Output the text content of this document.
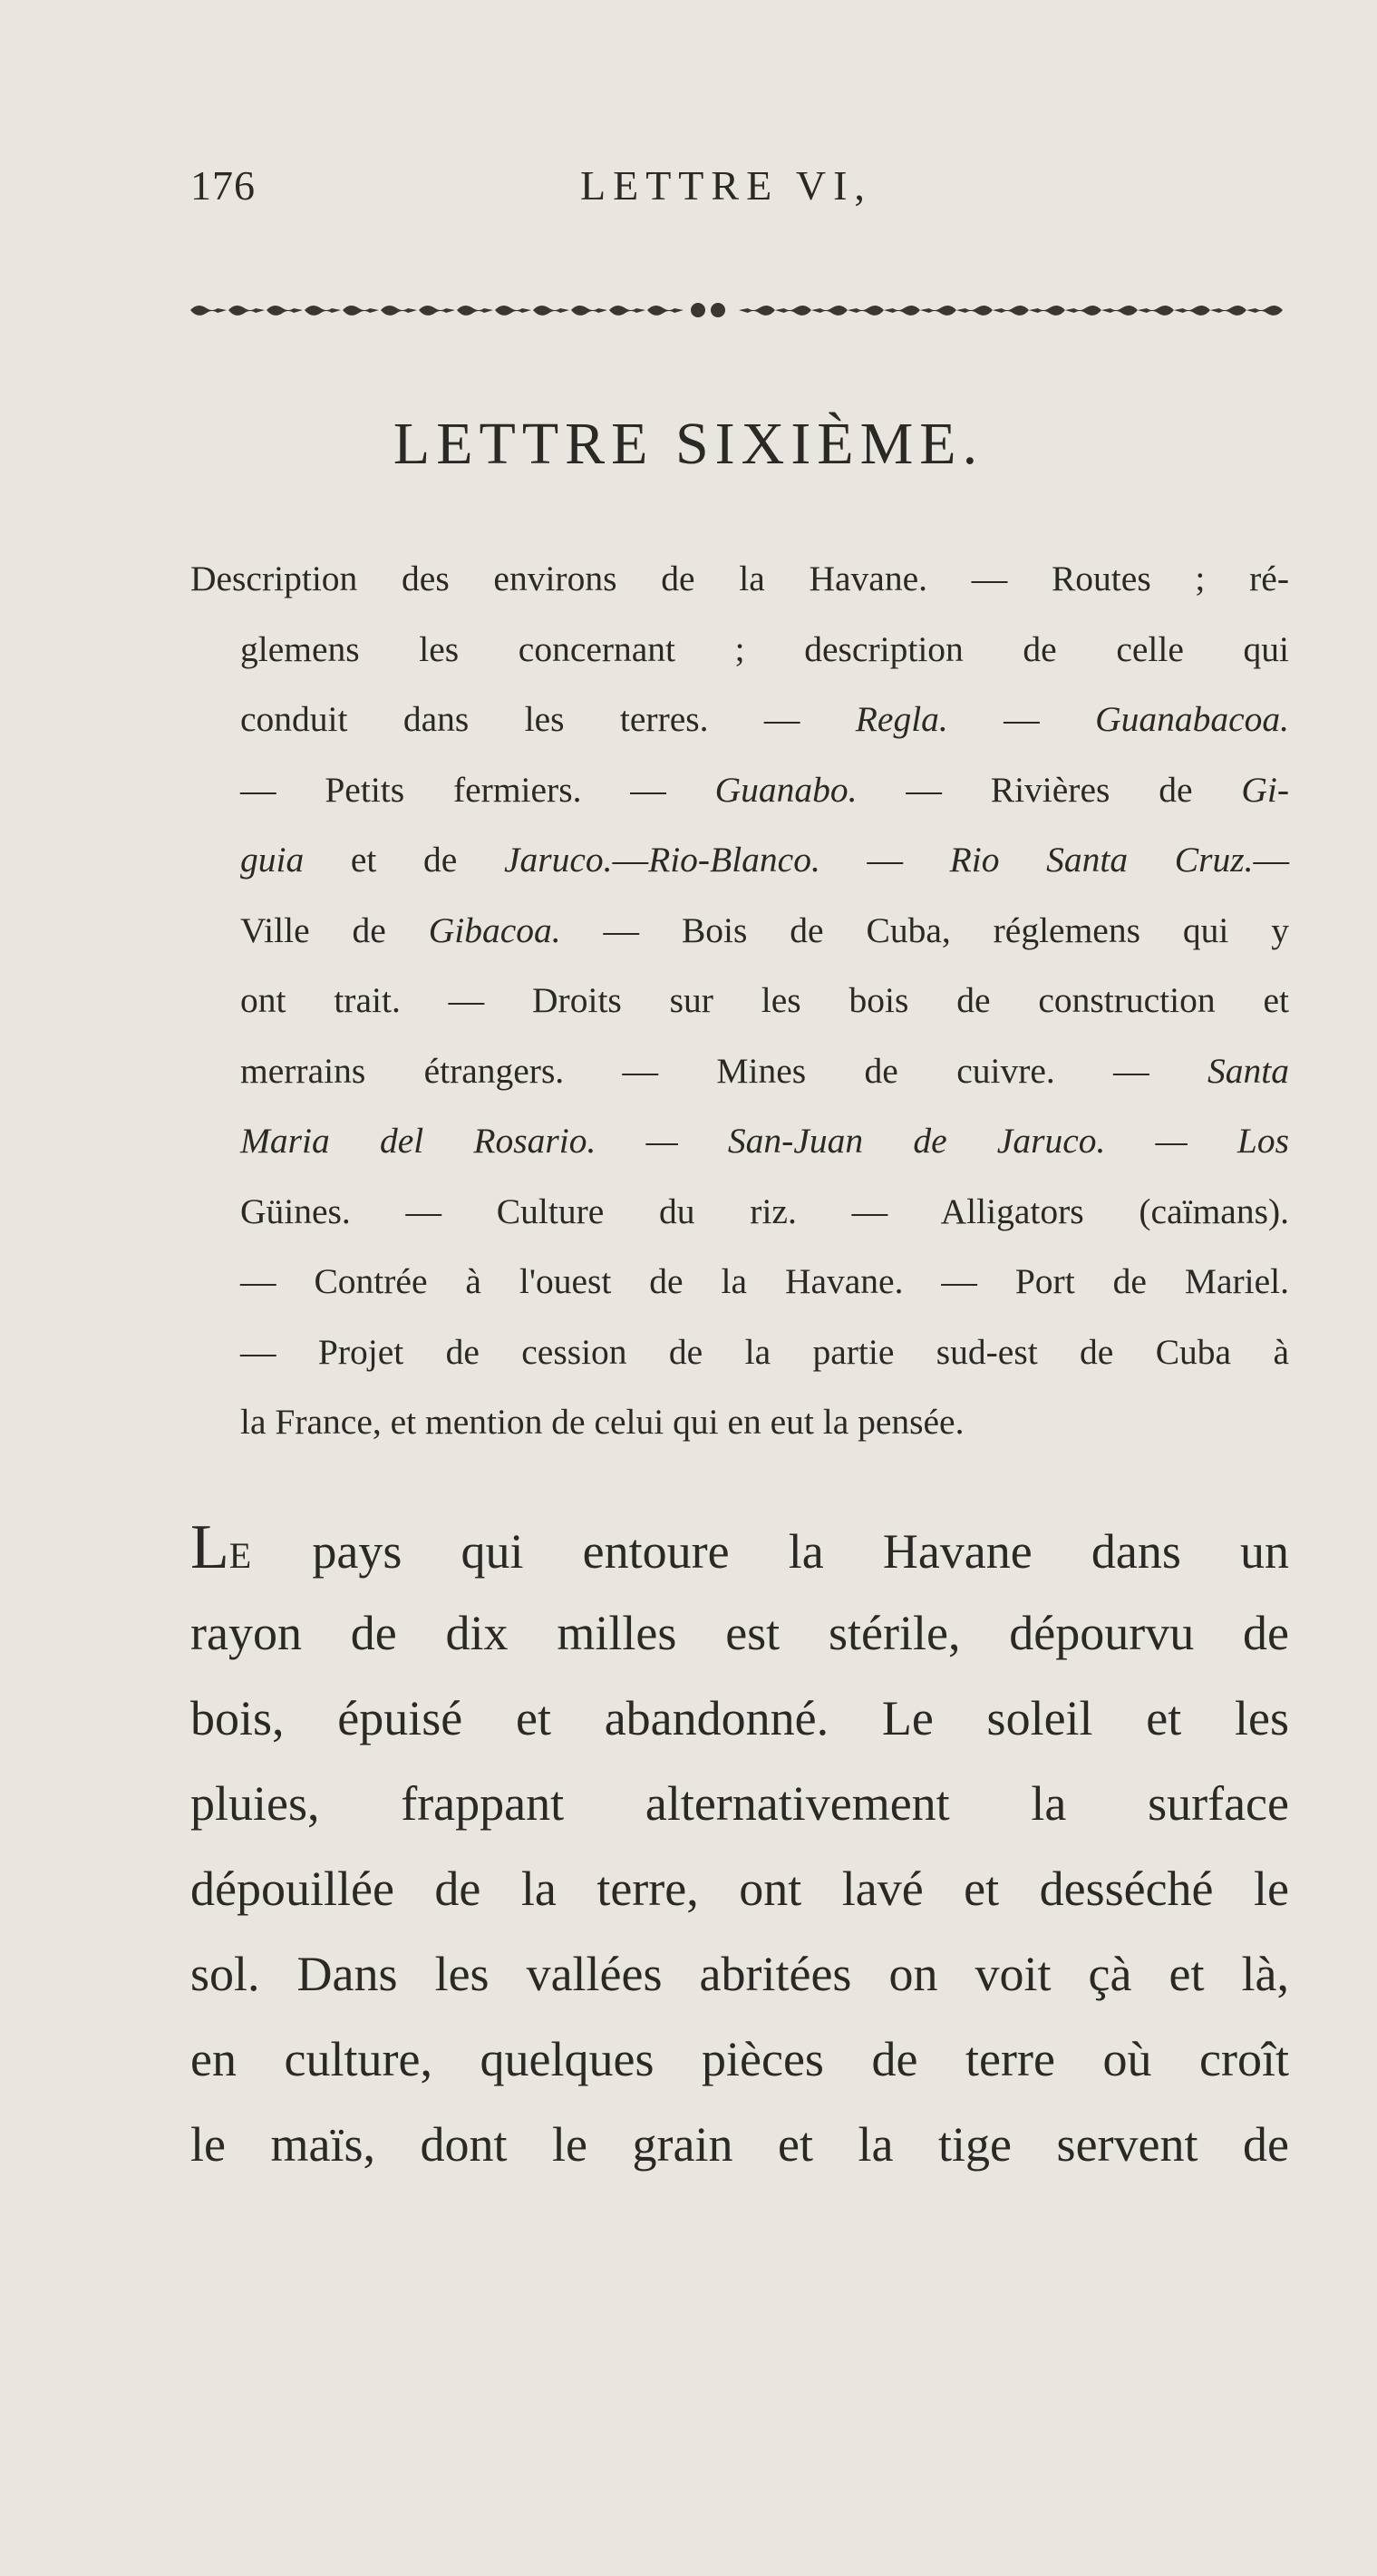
176	LETTRE VI,
LETTRE SIXIÈME.
Description des environs de la Havane. — Routes ; ré-
glemens les concernant ; description de celle qui
conduit dans les terres. — Regla. — Guanabacoa.
— Petits fermiers. — Guanabo. — Rivières de Gi-
guia et de Jaruco.—Rio-Blanco. — Rio Santa Cruz.—
Ville de Gibacoa. — Bois de Cuba, réglemens qui y
ont trait. — Droits sur les bois de construction et
merrains étrangers. — Mines de cuivre. — Santa
Maria del Rosario. — San-Juan de Jaruco. — Los
Güines. — Culture du riz. — Alligators (caïmans).
— Contrée à l'ouest de la Havane. — Port de Mariel.
— Projet de cession de la partie sud-est de Cuba à
la France, et mention de celui qui en eut la pensée.
LE pays qui entoure la Havane dans un
rayon de dix milles est stérile, dépourvu de
bois, épuisé et abandonné. Le soleil et les
pluies, frappant alternativement la surface
dépouillée de la terre, ont lavé et desséché le
sol. Dans les vallées abritées on voit çà et là,
en culture, quelques pièces de terre où croît
le maïs, dont le grain et la tige servent de
